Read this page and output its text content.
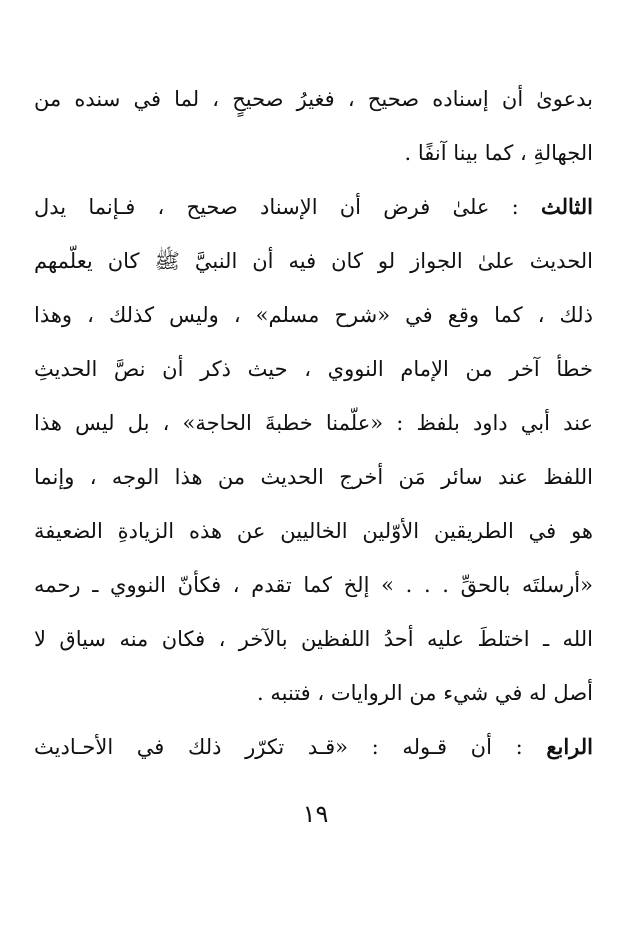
بدعوىٰ أن إسناده صحيح ، فغيرُ صحيحٍ ، لما في سنده من
الجهالةِ ، كما بينا آنفًا .
الثالث : علىٰ فرض أن الإسناد صحيح ، فـإنما يدل
الحديث علىٰ الجواز لو كان فيه أن النبيَّ ﷺ كان يعلّمهم
ذلك ، كما وقع في «شرح مسلم» ، وليس كذلك ، وهذا
خطأ آخر من الإمام النووي ، حيث ذكر أن نصَّ الحديثِ
عند أبي داود بلفظ : «علّمنا خطبةَ الحاجة» ، بل ليس هذا
اللفظ عند سائر مَن أخرج الحديث من هذا الوجه ، وإنما
هو في الطريقين الأوّلين الخاليين عن هذه الزيادةِ الضعيفة
«أرسلتَه بالحقِّ . . . » إلخ كما تقدم ، فكأنّ النووي ـ رحمه
الله ـ اختلطَ عليه أحدُ اللفظين بالآخر ، فكان منه سياق لا
أصل له في شيء من الروايات ، فتنبه .
الرابع : أن قـوله : «قـد تكرّر ذلك في الأحـاديث
١٩
